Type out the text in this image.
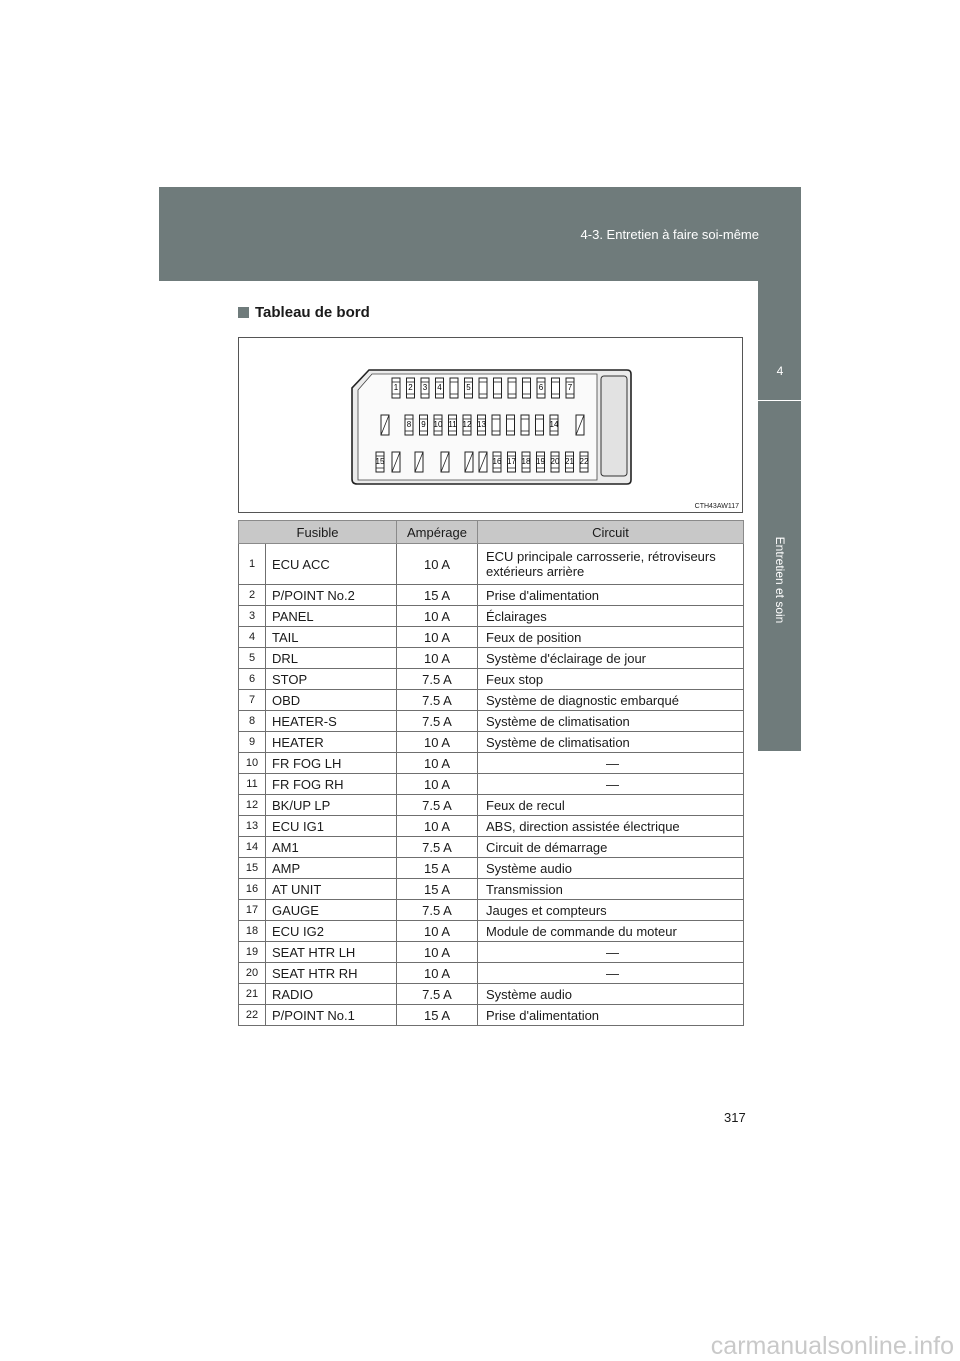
4-3. Entretien à faire soi-même
4
Entretien et soin
Tableau de bord
1 2 3 4	5	6	7
8 9 10 11 12 13	14
15	16 17 18 19 20 21 22
CTH43AW117
Fusible		Ampérage	Circuit
1	ECU ACC	10 A	ECU principale carrosserie, rétroviseurs extérieurs arrière
2	P/POINT No.2	15 A	Prise d'alimentation
3	PANEL	10 A	Éclairages
4	TAIL	10 A	Feux de position
5	DRL	10 A	Système d'éclairage de jour
6	STOP	7.5 A	Feux stop
7	OBD	7.5 A	Système de diagnostic embarqué
8	HEATER-S	7.5 A	Système de climatisation
9	HEATER	10 A	Système de climatisation
10	FR FOG LH	10 A	—
11	FR FOG RH	10 A	—
12	BK/UP LP	7.5 A	Feux de recul
13	ECU IG1	10 A	ABS, direction assistée électrique
14	AM1	7.5 A	Circuit de démarrage
15	AMP	15 A	Système audio
16	AT UNIT	15 A	Transmission
17	GAUGE	7.5 A	Jauges et compteurs
18	ECU IG2	10 A	Module de commande du moteur
19	SEAT HTR LH	10 A	—
20	SEAT HTR RH	10 A	—
21	RADIO	7.5 A	Système audio
22	P/POINT No.1	15 A	Prise d'alimentation
317
carmanualsonline.info
